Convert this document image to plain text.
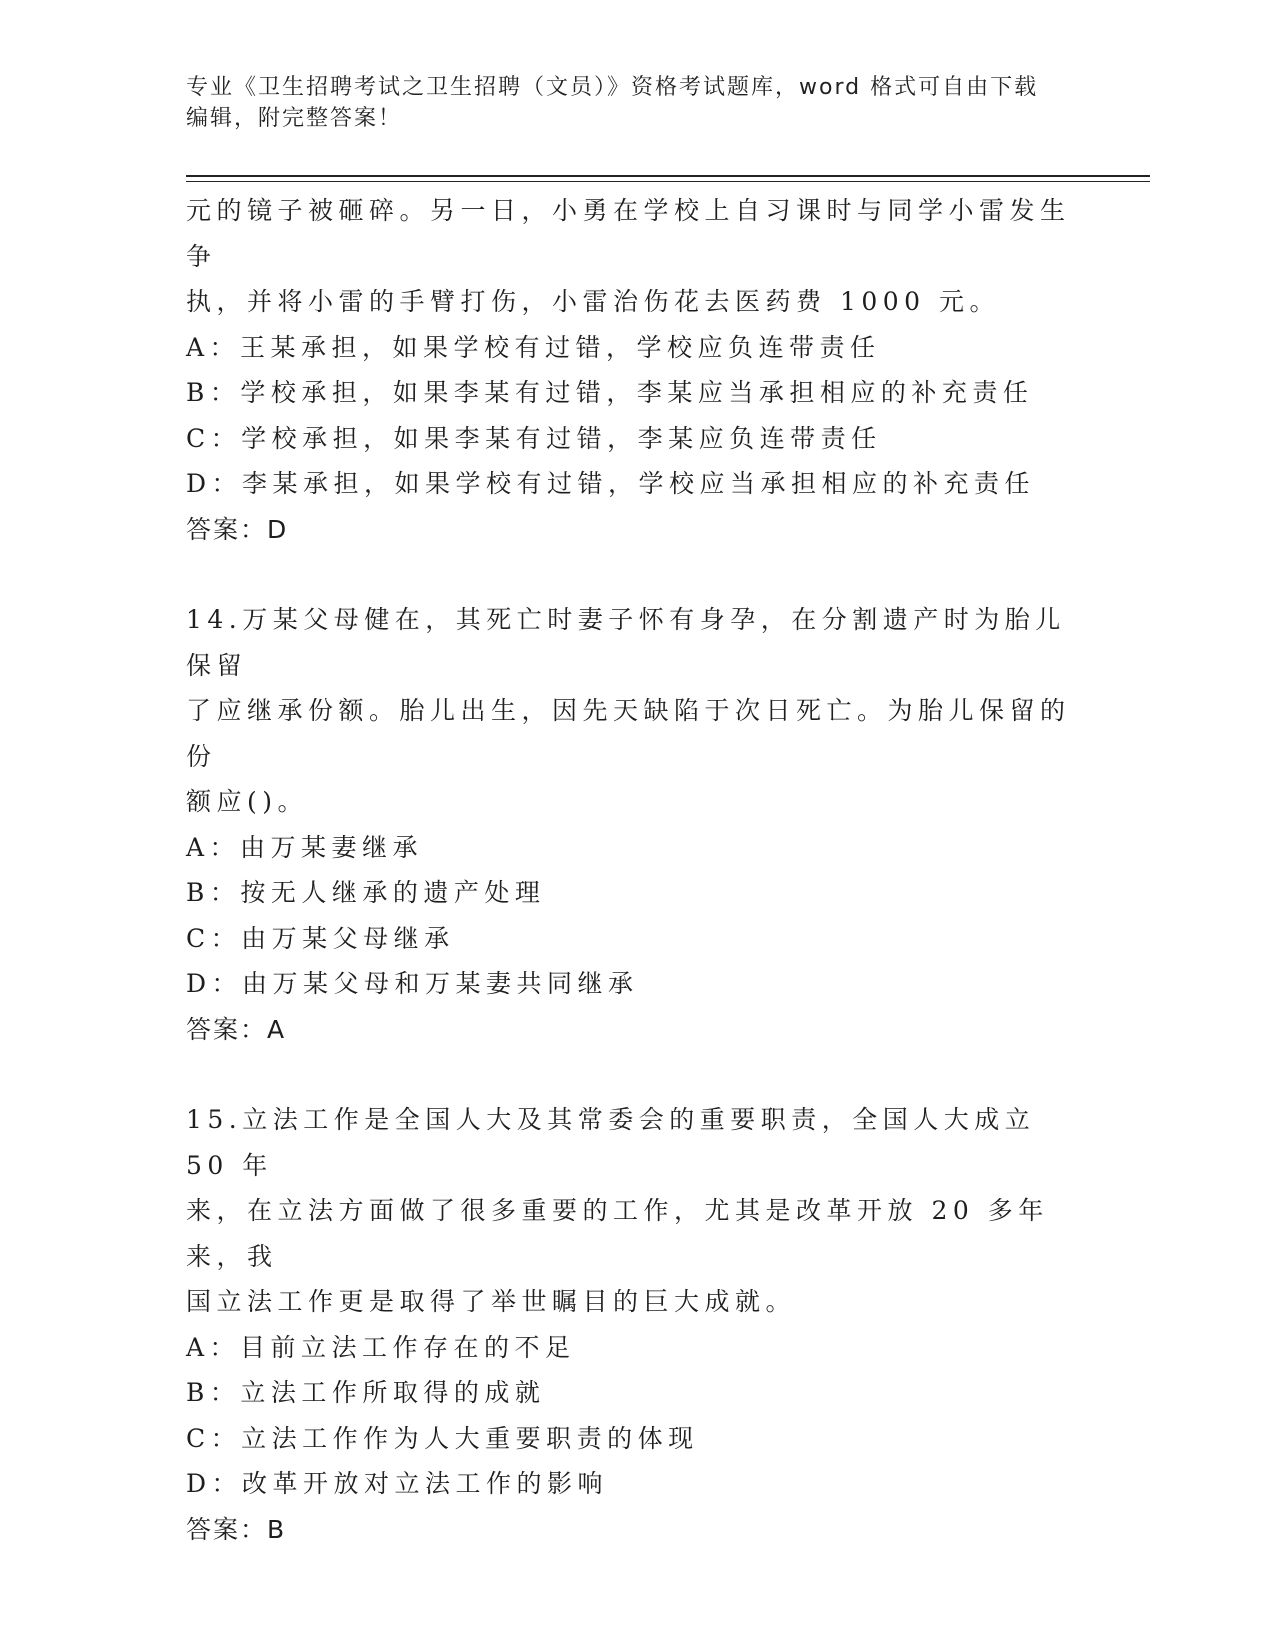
专业《卫生招聘考试之卫生招聘（文员）》资格考试题库，word 格式可自由下载
编辑，附完整答案！

元的镜子被砸碎。另一日，小勇在学校上自习课时与同学小雷发生争

执，并将小雷的手臂打伤，小雷治伤花去医药费 1000 元。

A：王某承担，如果学校有过错，学校应负连带责任

B：学校承担，如果李某有过错，李某应当承担相应的补充责任

C：学校承担，如果李某有过错，李某应负连带责任

D：李某承担，如果学校有过错，学校应当承担相应的补充责任

答案：D

14.万某父母健在，其死亡时妻子怀有身孕，在分割遗产时为胎儿保留

了应继承份额。胎儿出生，因先天缺陷于次日死亡。为胎儿保留的份

额应()。

A：由万某妻继承

B：按无人继承的遗产处理

C：由万某父母继承

D：由万某父母和万某妻共同继承

答案：A

15.立法工作是全国人大及其常委会的重要职责，全国人大成立 50 年

来，在立法方面做了很多重要的工作，尤其是改革开放 20 多年来，我

国立法工作更是取得了举世瞩目的巨大成就。

A：目前立法工作存在的不足

B：立法工作所取得的成就

C：立法工作作为人大重要职责的体现

D：改革开放对立法工作的影响

答案：B
